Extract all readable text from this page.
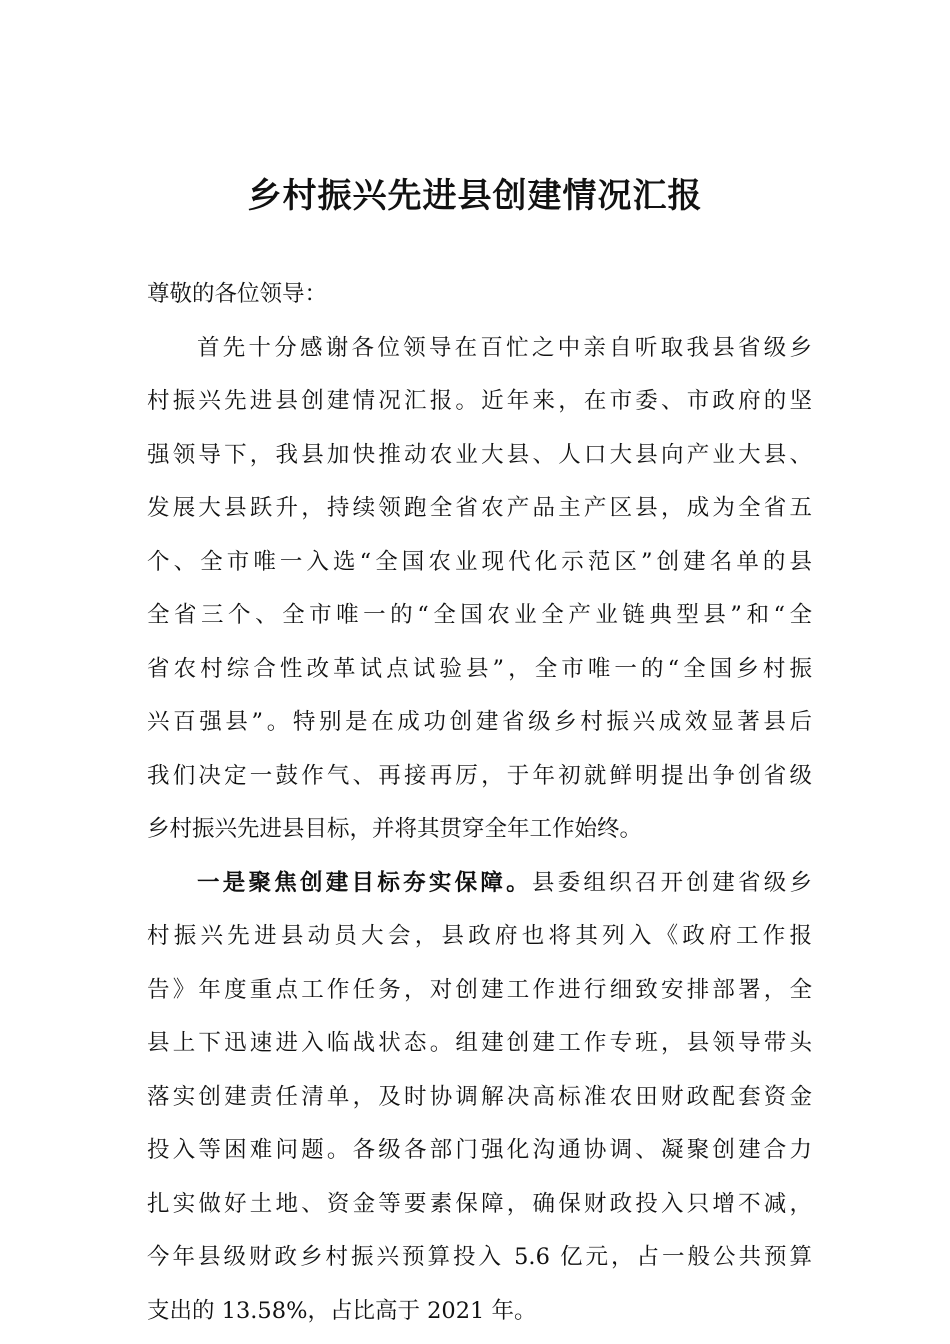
乡村振兴先进县创建情况汇报
尊敬的各位领导：
首先十分感谢各位领导在百忙之中亲自听取我县省级乡
村振兴先进县创建情况汇报。近年来，在市委、市政府的坚
强领导下，我县加快推动农业大县、人口大县向产业大县、
发展大县跃升，持续领跑全省农产品主产区县，成为全省五
个、全市唯一入选“全国农业现代化示范区”创建名单的县
全省三个、全市唯一的“全国农业全产业链典型县”和“全
省农村综合性改革试点试验县”，全市唯一的“全国乡村振
兴百强县”。特别是在成功创建省级乡村振兴成效显著县后
我们决定一鼓作气、再接再厉，于年初就鲜明提出争创省级
乡村振兴先进县目标，并将其贯穿全年工作始终。
一是聚焦创建目标夯实保障。县委组织召开创建省级乡
村振兴先进县动员大会，县政府也将其列入《政府工作报
告》年度重点工作任务，对创建工作进行细致安排部署，全
县上下迅速进入临战状态。组建创建工作专班，县领导带头
落实创建责任清单，及时协调解决高标准农田财政配套资金
投入等困难问题。各级各部门强化沟通协调、凝聚创建合力
扎实做好土地、资金等要素保障，确保财政投入只增不减，
今年县级财政乡村振兴预算投入 5.6 亿元，占一般公共预算
支出的 13.58%，占比高于 2021 年。
